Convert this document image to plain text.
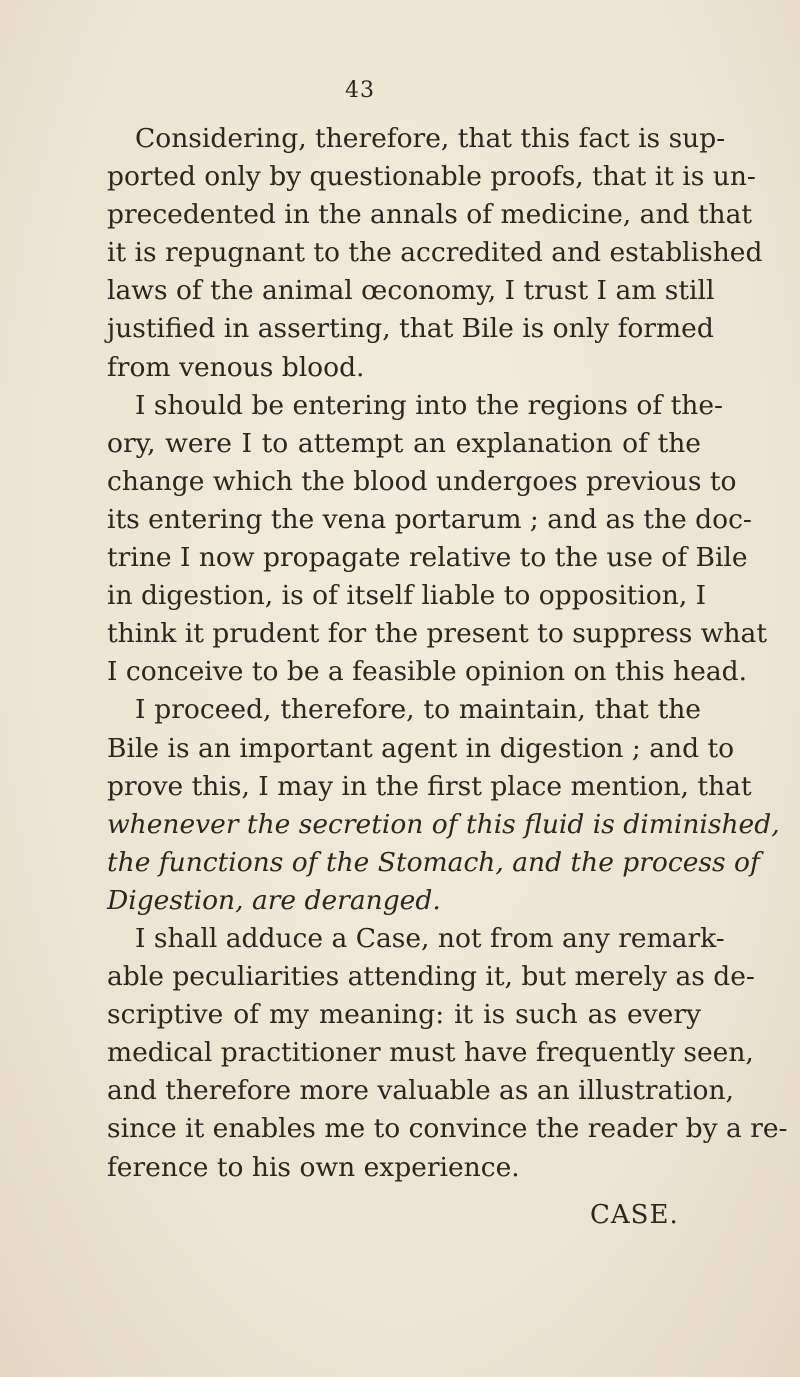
43
Considering, therefore, that this fact is sup-
ported only by questionable proofs, that it is un-
precedented in the annals of medicine, and that
it is repugnant to the accredited and established
laws of the animal œconomy, I trust I am still
justified in asserting, that Bile is only formed
from venous blood.
I should be entering into the regions of the-
ory, were I to attempt an explanation of the
change which the blood undergoes previous to
its entering the vena portarum ; and as the doc-
trine I now propagate relative to the use of Bile
in digestion, is of itself liable to opposition, I
think it prudent for the present to suppress what
I conceive to be a feasible opinion on this head.
I proceed, therefore, to maintain, that the
Bile is an important agent in digestion ; and to
prove this, I may in the first place mention, that
whenever the secretion of this fluid is diminished,
the functions of the Stomach, and the process of
Digestion, are deranged.
I shall adduce a Case, not from any remark-
able peculiarities attending it, but merely as de-
scriptive of my meaning: it is such as every
medical practitioner must have frequently seen,
and therefore more valuable as an illustration,
since it enables me to convince the reader by a re-
ference to his own experience.
CASE.
